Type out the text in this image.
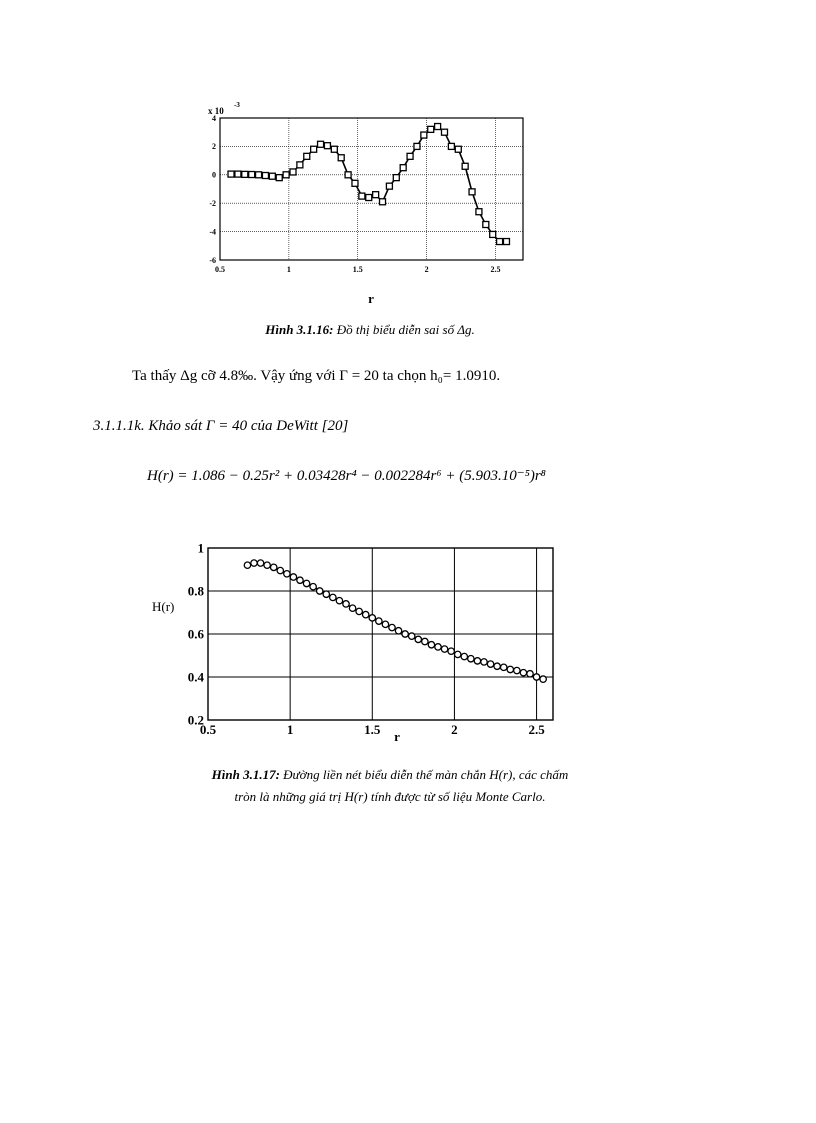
0.5	1	1.5	2	2.5
-6
-4
-2
0
2
4
x 10
-3
r
Hình 3.1.16: Đồ thị biểu diễn sai số Δg.
Ta thấy Δg cỡ 4.8‰. Vậy ứng với Γ = 20 ta chọn h₀= 1.0910.
3.1.1.1k. Khảo sát Γ = 40 của DeWitt [20]
H(r) = 1.086 − 0.25r² + 0.03428r⁴ − 0.002284r⁶ + (5.903.10⁻⁵)r⁸
0.5	1	1.5	2	2.5
0.2
0.4
0.6
0.8
1
H(r)
r
Hình 3.1.17: Đường liền nét biểu diễn thế màn chắn H(r), các chấm
tròn là những giá trị H(r) tính được từ số liệu Monte Carlo.
